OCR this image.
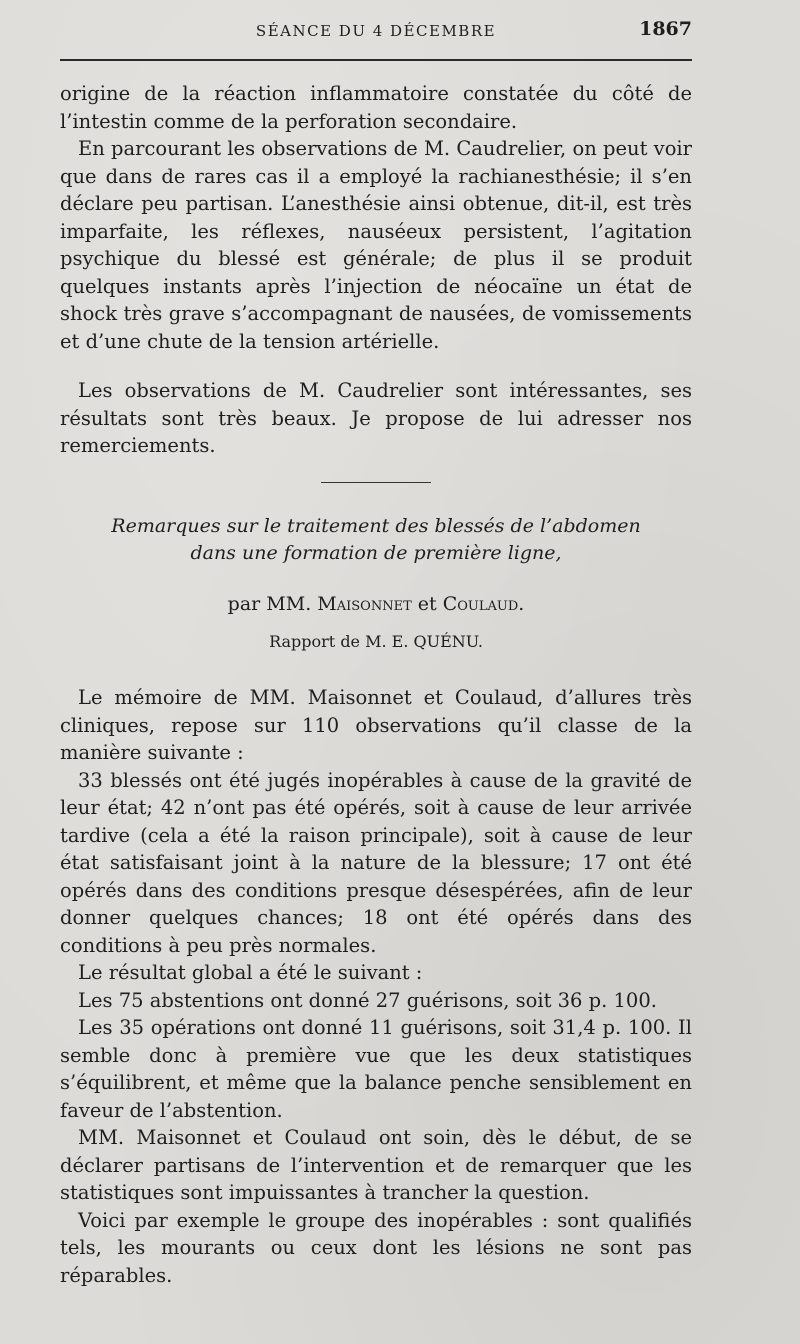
SÉANCE DU 4 DÉCEMBRE	1867

origine de la réaction inflammatoire constatée du côté de l’intestin comme de la perforation secondaire.

En parcourant les observations de M. Caudrelier, on peut voir que dans de rares cas il a employé la rachianesthésie; il s’en déclare peu partisan. L’anesthésie ainsi obtenue, dit-il, est très imparfaite, les réflexes, nauséeux persistent, l’agitation psychique du blessé est générale; de plus il se produit quelques instants après l’injection de néocaïne un état de shock très grave s’accompagnant de nausées, de vomissements et d’une chute de la tension artérielle.

Les observations de M. Caudrelier sont intéressantes, ses résultats sont très beaux. Je propose de lui adresser nos remerciements.

Remarques sur le traitement des blessés de l’abdomen
dans une formation de première ligne,
par MM. Maisonnet et Coulaud.
Rapport de M. E. QUÉNU.

Le mémoire de MM. Maisonnet et Coulaud, d’allures très cliniques, repose sur 110 observations qu’il classe de la manière suivante :

33 blessés ont été jugés inopérables à cause de la gravité de leur état; 42 n’ont pas été opérés, soit à cause de leur arrivée tardive (cela a été la raison principale), soit à cause de leur état satisfaisant joint à la nature de la blessure; 17 ont été opérés dans des conditions presque désespérées, afin de leur donner quelques chances; 18 ont été opérés dans des conditions à peu près normales.

Le résultat global a été le suivant :

Les 75 abstentions ont donné 27 guérisons, soit 36 p. 100.

Les 35 opérations ont donné 11 guérisons, soit 31,4 p. 100. Il semble donc à première vue que les deux statistiques s’équilibrent, et même que la balance penche sensiblement en faveur de l’abstention.

MM. Maisonnet et Coulaud ont soin, dès le début, de se déclarer partisans de l’intervention et de remarquer que les statistiques sont impuissantes à trancher la question.

Voici par exemple le groupe des inopérables : sont qualifiés tels, les mourants ou ceux dont les lésions ne sont pas réparables.
